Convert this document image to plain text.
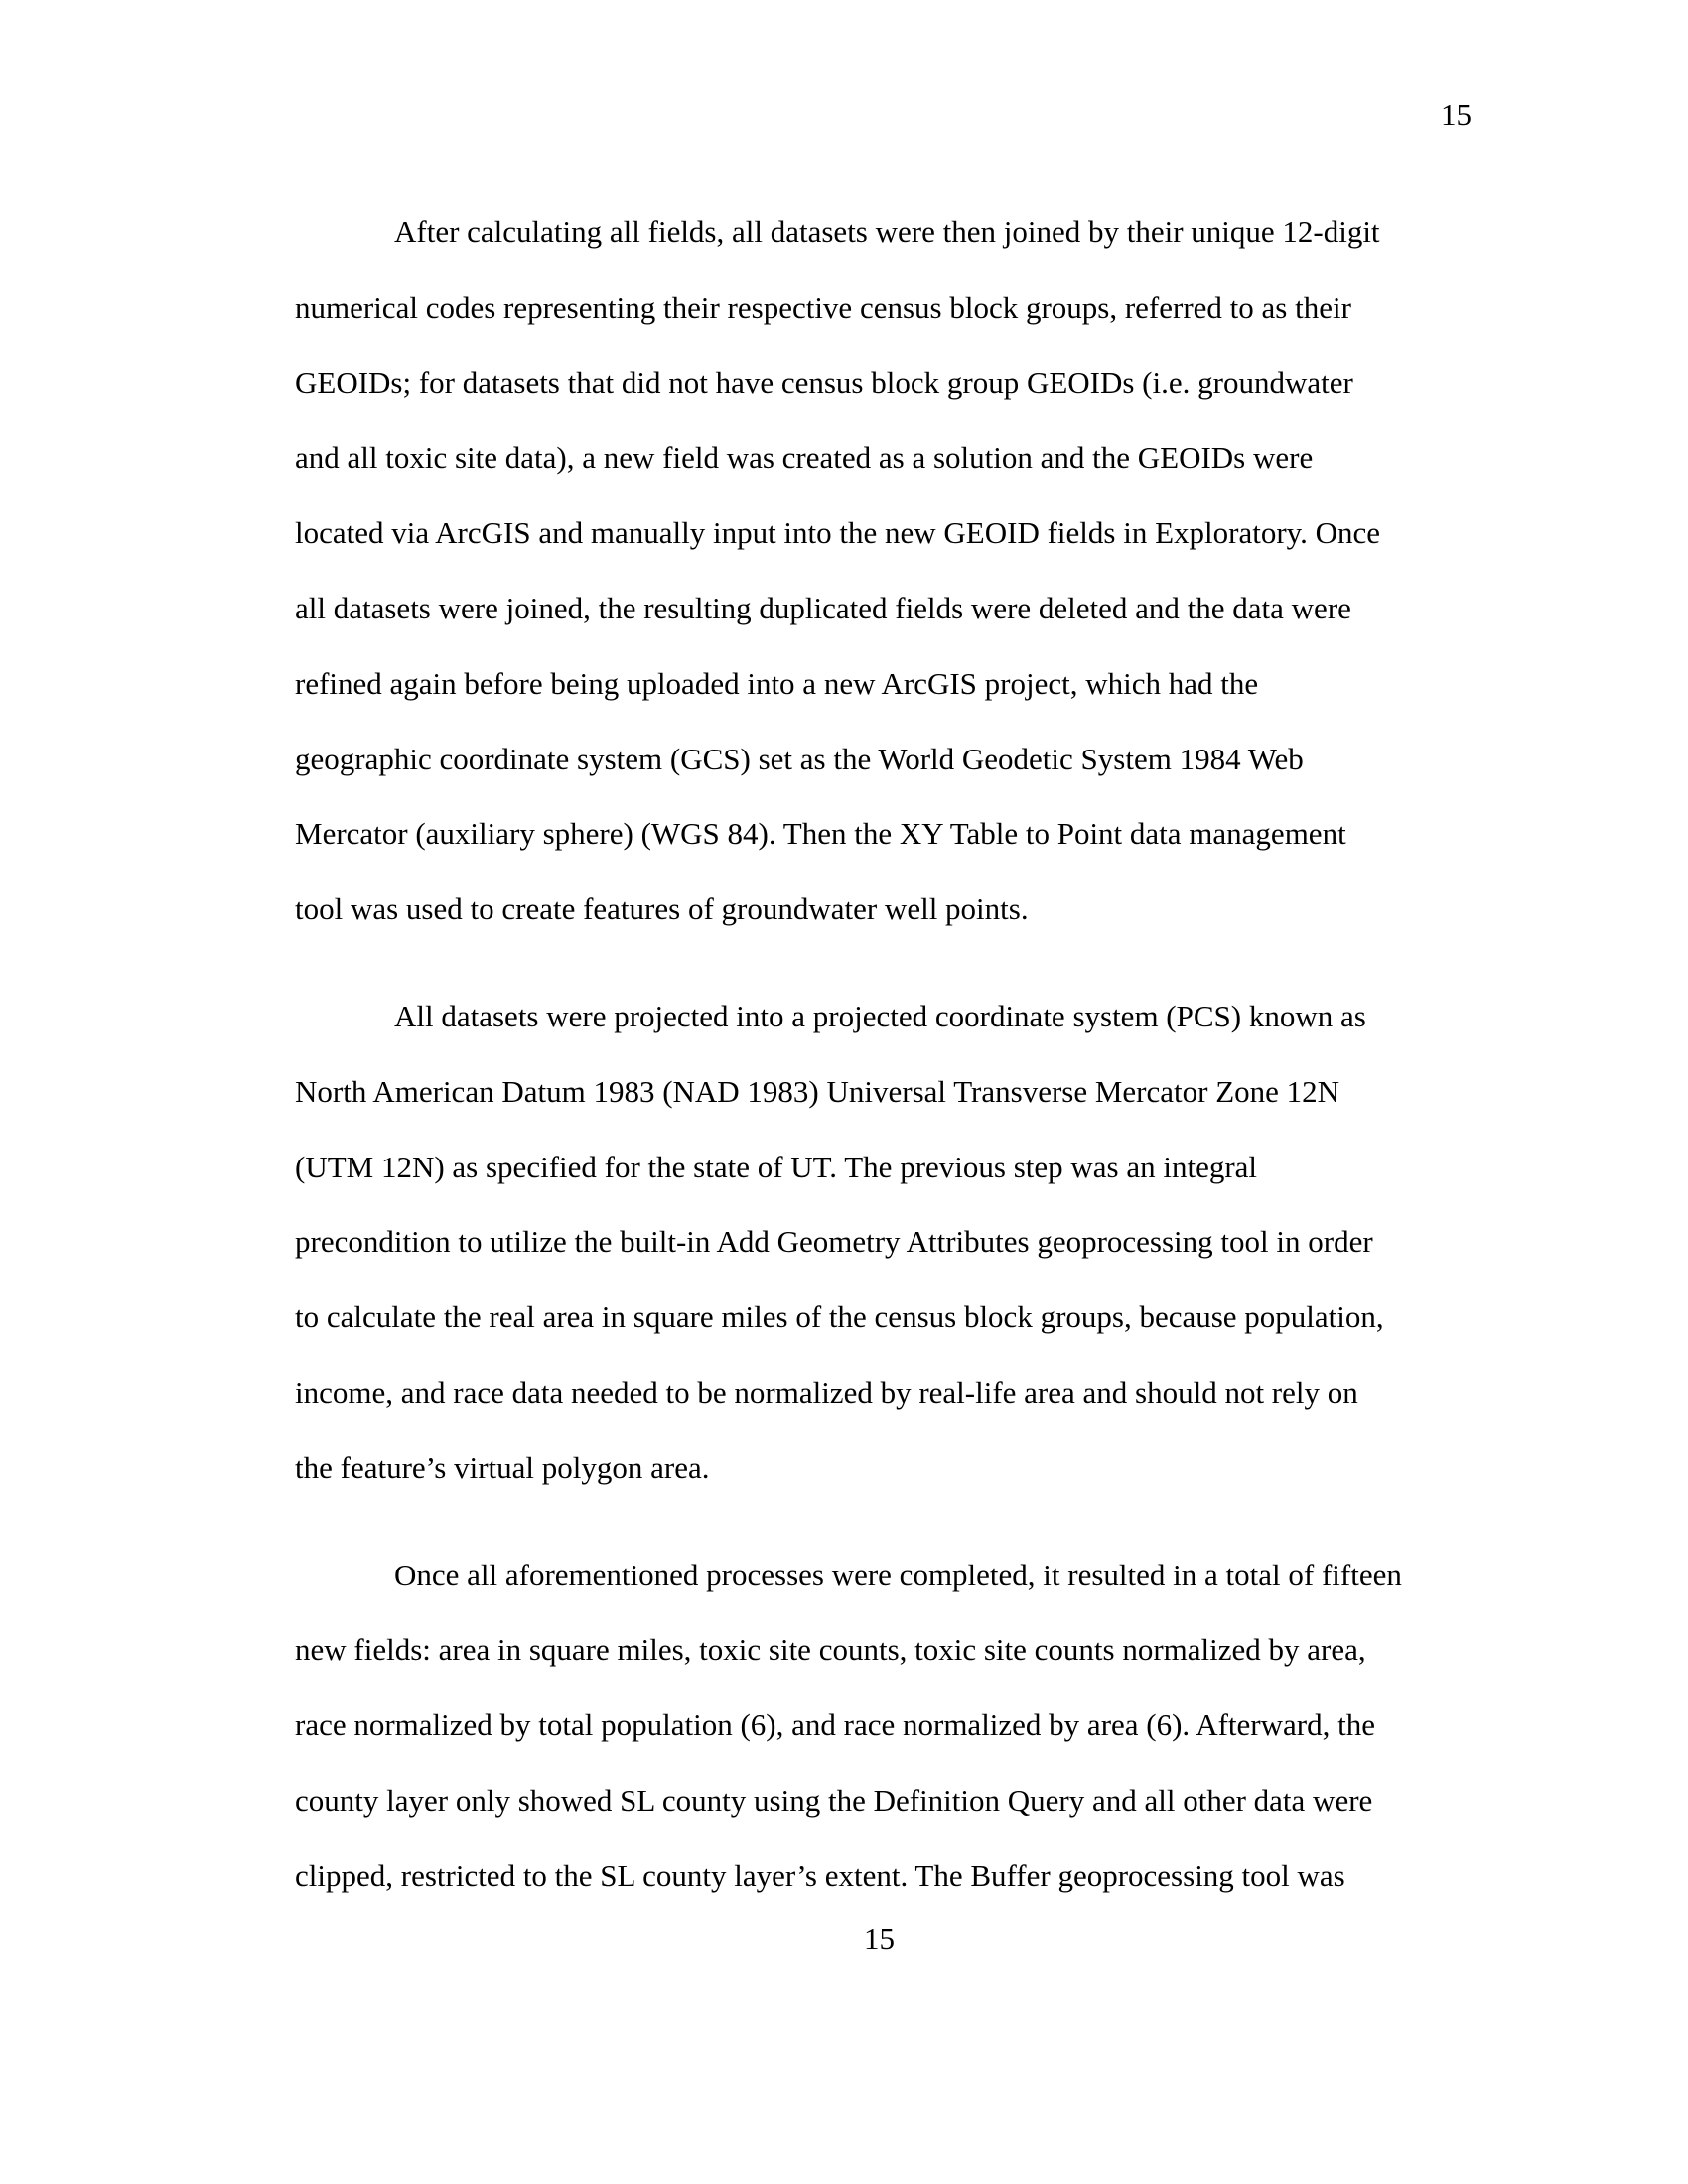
15
After calculating all fields, all datasets were then joined by their unique 12-digit
numerical codes representing their respective census block groups, referred to as their
GEOIDs; for datasets that did not have census block group GEOIDs (i.e. groundwater
and all toxic site data), a new field was created as a solution and the GEOIDs were
located via ArcGIS and manually input into the new GEOID fields in Exploratory. Once
all datasets were joined, the resulting duplicated fields were deleted and the data were
refined again before being uploaded into a new ArcGIS project, which had the
geographic coordinate system (GCS) set as the World Geodetic System 1984 Web
Mercator (auxiliary sphere) (WGS 84). Then the XY Table to Point data management
tool was used to create features of groundwater well points.
All datasets were projected into a projected coordinate system (PCS) known as
North American Datum 1983 (NAD 1983) Universal Transverse Mercator Zone 12N
(UTM 12N) as specified for the state of UT. The previous step was an integral
precondition to utilize the built-in Add Geometry Attributes geoprocessing tool in order
to calculate the real area in square miles of the census block groups, because population,
income, and race data needed to be normalized by real-life area and should not rely on
the feature’s virtual polygon area.
Once all aforementioned processes were completed, it resulted in a total of fifteen
new fields: area in square miles, toxic site counts, toxic site counts normalized by area,
race normalized by total population (6), and race normalized by area (6). Afterward, the
county layer only showed SL county using the Definition Query and all other data were
clipped, restricted to the SL county layer’s extent. The Buffer geoprocessing tool was
15
